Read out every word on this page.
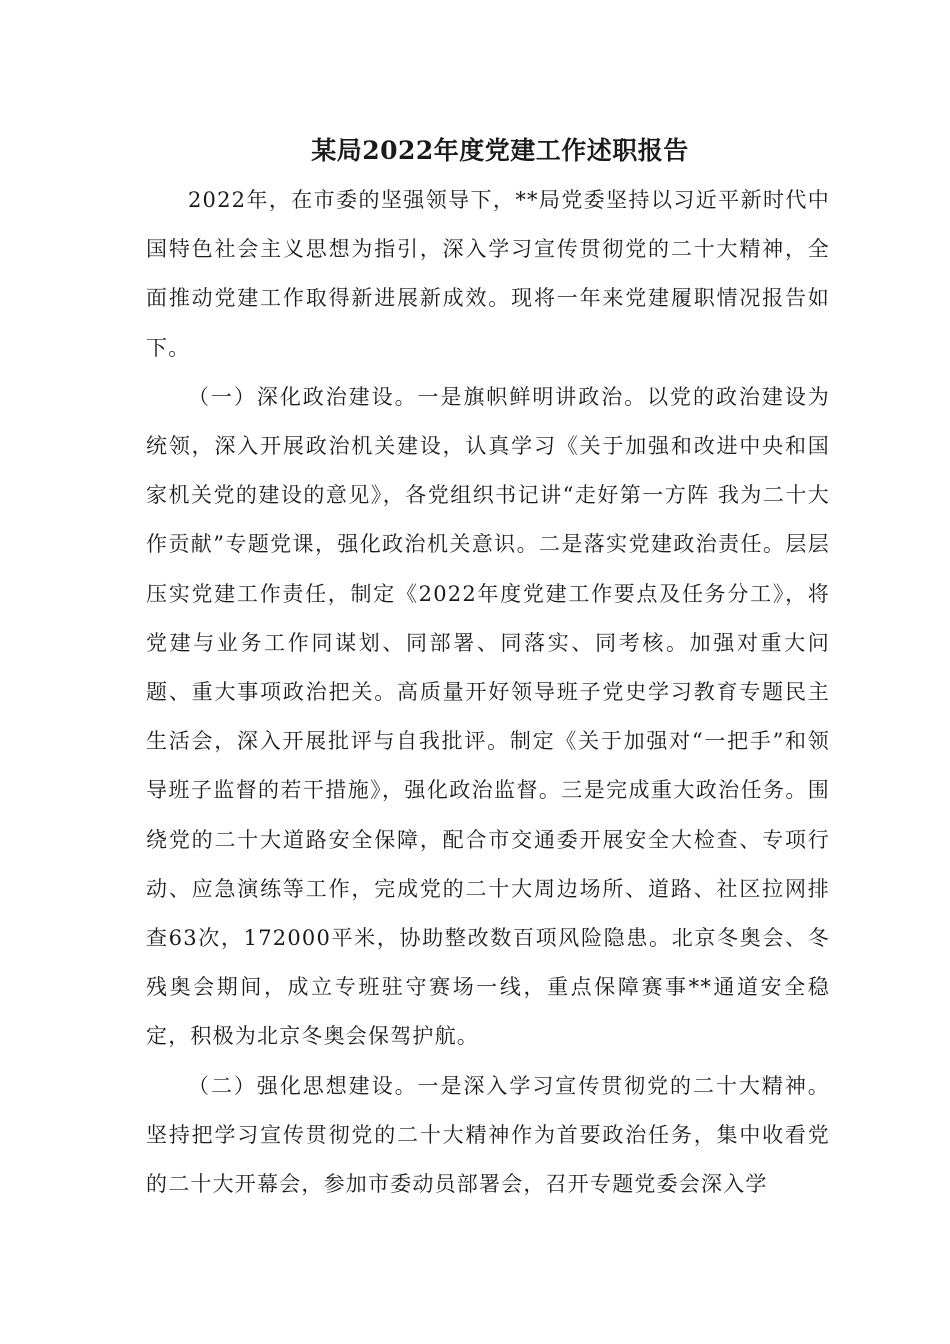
某局2022年度党建工作述职报告

2022年，在市委的坚强领导下，**局党委坚持以习近平新时代中国特色社会主义思想为指引，深入学习宣传贯彻党的二十大精神，全面推动党建工作取得新进展新成效。现将一年来党建履职情况报告如下。

（一）深化政治建设。一是旗帜鲜明讲政治。以党的政治建设为统领，深入开展政治机关建设，认真学习《关于加强和改进中央和国家机关党的建设的意见》，各党组织书记讲“走好第一方阵 我为二十大作贡献”专题党课，强化政治机关意识。二是落实党建政治责任。层层压实党建工作责任，制定《2022年度党建工作要点及任务分工》，将党建与业务工作同谋划、同部署、同落实、同考核。加强对重大问题、重大事项政治把关。高质量开好领导班子党史学习教育专题民主生活会，深入开展批评与自我批评。制定《关于加强对“一把手”和领导班子监督的若干措施》，强化政治监督。三是完成重大政治任务。围绕党的二十大道路安全保障，配合市交通委开展安全大检查、专项行动、应急演练等工作，完成党的二十大周边场所、道路、社区拉网排查63次，172000平米，协助整改数百项风险隐患。北京冬奥会、冬残奥会期间，成立专班驻守赛场一线，重点保障赛事**通道安全稳定，积极为北京冬奥会保驾护航。

（二）强化思想建设。一是深入学习宣传贯彻党的二十大精神。坚持把学习宣传贯彻党的二十大精神作为首要政治任务，集中收看党的二十大开幕会，参加市委动员部署会，召开专题党委会深入学
